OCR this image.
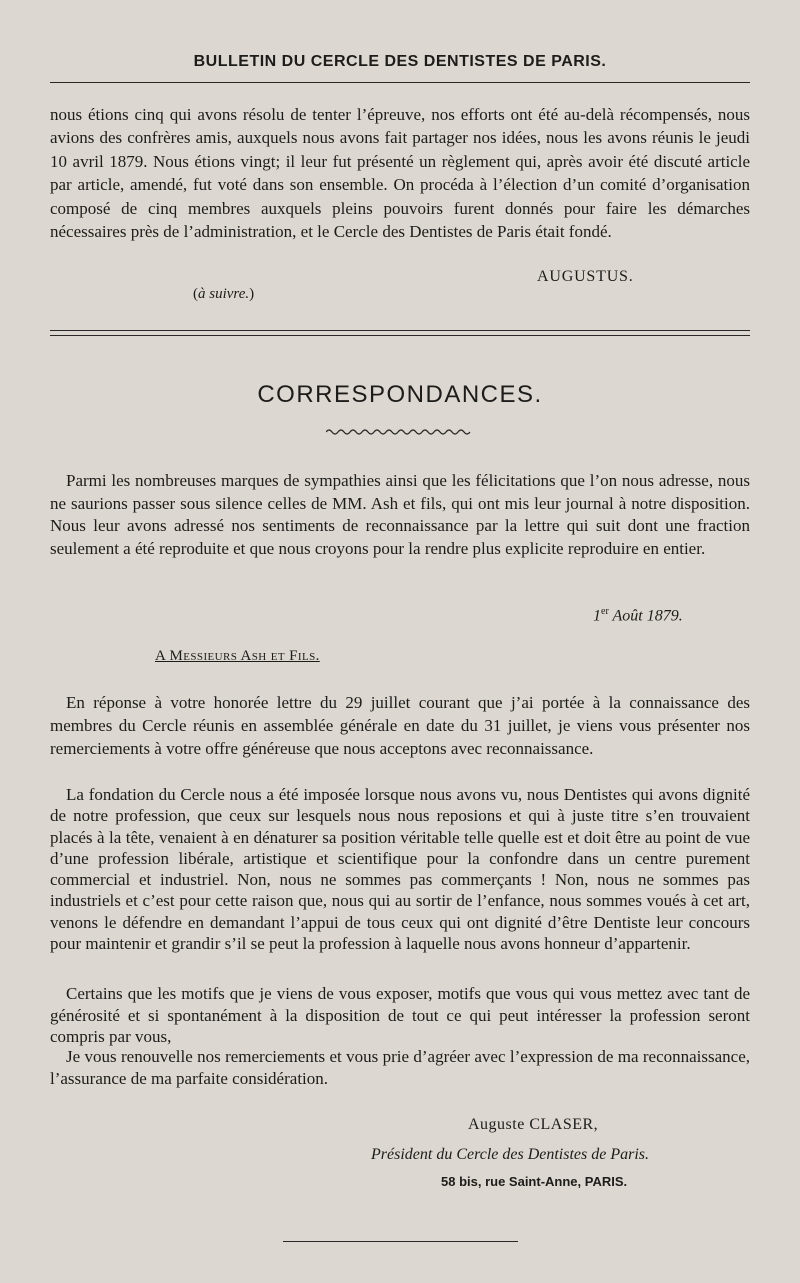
BULLETIN DU CERCLE DES DENTISTES DE PARIS.
nous étions cinq qui avons résolu de tenter l’épreuve, nos efforts ont été au-delà récompensés, nous avions des confrères amis, auxquels nous avons fait partager nos idées, nous les avons réunis le jeudi 10 avril 1879. Nous étions vingt; il leur fut présenté un règlement qui, après avoir été discuté article par article, amendé, fut voté dans son ensemble. On procéda à l’élection d’un comité d’organisation composé de cinq membres auxquels pleins pouvoirs furent donnés pour faire les démarches nécessaires près de l’administration, et le Cercle des Dentistes de Paris était fondé.
AUGUSTUS.
(à suivre.)
CORRESPONDANCES.
Parmi les nombreuses marques de sympathies ainsi que les félicitations que l’on nous adresse, nous ne saurions passer sous silence celles de MM. Ash et fils, qui ont mis leur journal à notre disposition. Nous leur avons adressé nos sentiments de reconnaissance par la lettre qui suit dont une fraction seulement a été reproduite et que nous croyons pour la rendre plus explicite reproduire en entier.
1er Août 1879.
A Messieurs Ash et Fils.
En réponse à votre honorée lettre du 29 juillet courant que j’ai portée à la connaissance des membres du Cercle réunis en assemblée générale en date du 31 juillet, je viens vous présenter nos remerciements à votre offre généreuse que nous acceptons avec reconnaissance.
La fondation du Cercle nous a été imposée lorsque nous avons vu, nous Dentistes qui avons dignité de notre profession, que ceux sur lesquels nous nous reposions et qui à juste titre s’en trouvaient placés à la tête, venaient à en dénaturer sa position véritable telle quelle est et doit être au point de vue d’une profession libérale, artistique et scientifique pour la confondre dans un centre purement commercial et industriel. Non, nous ne sommes pas commerçants ! Non, nous ne sommes pas industriels et c’est pour cette raison que, nous qui au sortir de l’enfance, nous sommes voués à cet art, venons le défendre en demandant l’appui de tous ceux qui ont dignité d’être Dentiste leur concours pour maintenir et grandir s’il se peut la profession à laquelle nous avons honneur d’appartenir.
Certains que les motifs que je viens de vous exposer, motifs que vous qui vous mettez avec tant de générosité et si spontanément à la disposition de tout ce qui peut intéresser la profession seront compris par vous,
Je vous renouvelle nos remerciements et vous prie d’agréer avec l’expression de ma reconnaissance, l’assurance de ma parfaite considération.
Auguste CLASER,
Président du Cercle des Dentistes de Paris.
58 bis, rue Saint-Anne, PARIS.
